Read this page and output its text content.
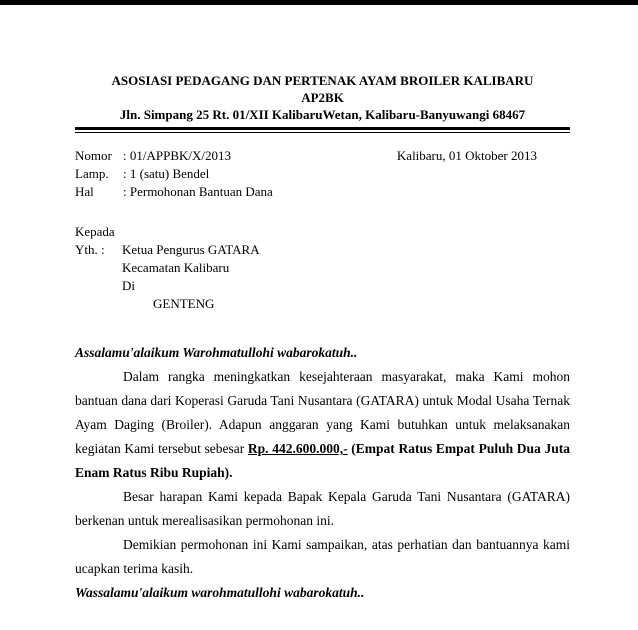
ASOSIASI PEDAGANG DAN PERTENAK AYAM BROILER KALIBARU
AP2BK
Jln. Simpang 25 Rt. 01/XII KalibaruWetan, Kalibaru-Banyuwangi 68467
Nomor : 01/APPBK/X/2013
Lamp. : 1 (satu) Bendel
Hal : Permohonan Bantuan Dana
Kalibaru, 01 Oktober 2013
Kepada
Yth. : Ketua Pengurus GATARA
Kecamatan Kalibaru
Di
GENTENG

Assalamu'alaikum Warohmatullohi wabarokatuh..

Dalam rangka meningkatkan kesejahteraan masyarakat, maka Kami mohon bantuan dana dari Koperasi Garuda Tani Nusantara (GATARA) untuk Modal Usaha Ternak Ayam Daging (Broiler). Adapun anggaran yang Kami butuhkan untuk melaksanakan kegiatan Kami tersebut sebesar Rp. 442.600.000,- (Empat Ratus Empat Puluh Dua Juta Enam Ratus Ribu Rupiah).

Besar harapan Kami kepada Bapak Kepala Garuda Tani Nusantara (GATARA) berkenan untuk merealisasikan permohonan ini.

Demikian permohonan ini Kami sampaikan, atas perhatian dan bantuannya kami ucapkan terima kasih.

Wassalamu'alaikum warohmatullohi wabarokatuh..
